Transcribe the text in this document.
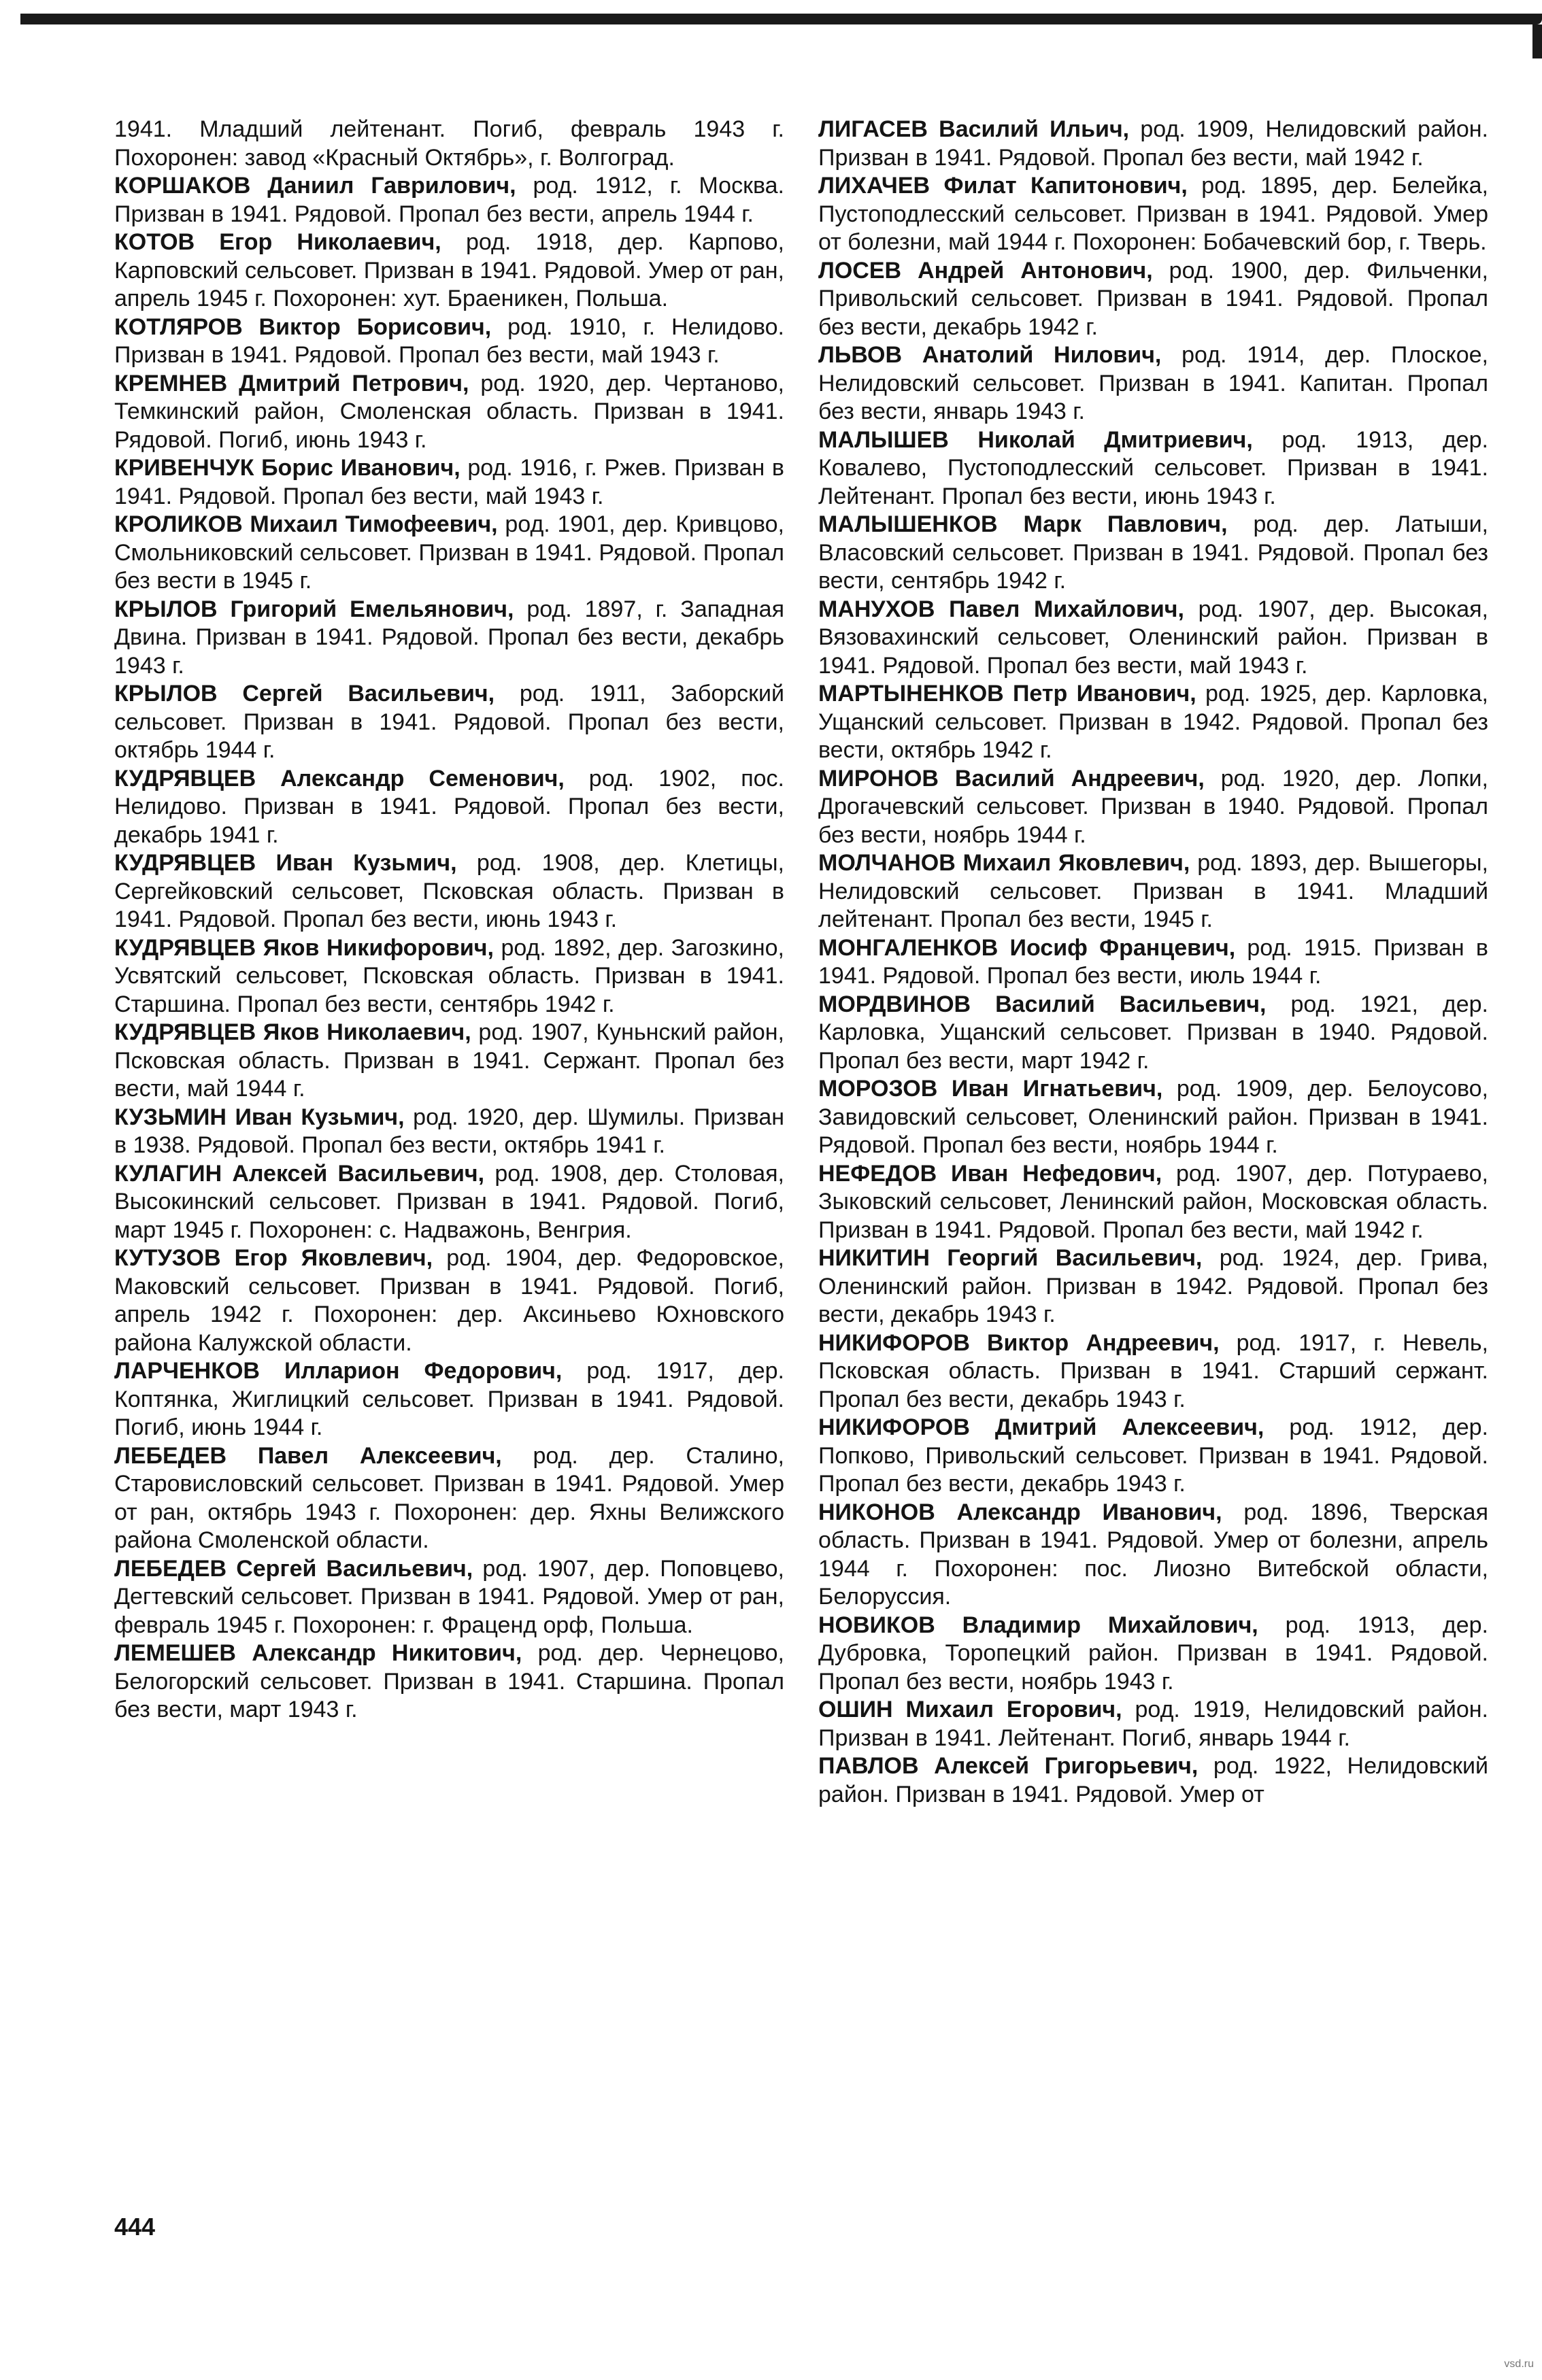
1941. Младший лейтенант. Погиб, февраль 1943 г. Похоронен: завод «Красный Октябрь», г. Волгоград.

КОРШАКОВ Даниил Гаврилович, род. 1912, г. Москва. Призван в 1941. Рядовой. Пропал без вести, апрель 1944 г.

КОТОВ Егор Николаевич, род. 1918, дер. Карпово, Карповский сельсовет. Призван в 1941. Рядовой. Умер от ран, апрель 1945 г. Похоронен: хут. Браеникен, Польша.

КОТЛЯРОВ Виктор Борисович, род. 1910, г. Нелидово. Призван в 1941. Рядовой. Пропал без вести, май 1943 г.

КРЕМНЕВ Дмитрий Петрович, род. 1920, дер. Чертаново, Темкинский район, Смоленская область. Призван в 1941. Рядовой. Погиб, июнь 1943 г.

КРИВЕНЧУК Борис Иванович, род. 1916, г. Ржев. Призван в 1941. Рядовой. Пропал без вести, май 1943 г.

КРОЛИКОВ Михаил Тимофеевич, род. 1901, дер. Кривцово, Смольниковский сельсовет. Призван в 1941. Рядовой. Пропал без вести в 1945 г.

КРЫЛОВ Григорий Емельянович, род. 1897, г. Западная Двина. Призван в 1941. Рядовой. Пропал без вести, декабрь 1943 г.

КРЫЛОВ Сергей Васильевич, род. 1911, Заборский сельсовет. Призван в 1941. Рядовой. Пропал без вести, октябрь 1944 г.

КУДРЯВЦЕВ Александр Семенович, род. 1902, пос. Нелидово. Призван в 1941. Рядовой. Пропал без вести, декабрь 1941 г.

КУДРЯВЦЕВ Иван Кузьмич, род. 1908, дер. Клетицы, Сергейковский сельсовет, Псковская область. Призван в 1941. Рядовой. Пропал без вести, июнь 1943 г.

КУДРЯВЦЕВ Яков Никифорович, род. 1892, дер. Загозкино, Усвятский сельсовет, Псковская область. Призван в 1941. Старшина. Пропал без вести, сентябрь 1942 г.

КУДРЯВЦЕВ Яков Николаевич, род. 1907, Куньнский район, Псковская область. Призван в 1941. Сержант. Пропал без вести, май 1944 г.

КУЗЬМИН Иван Кузьмич, род. 1920, дер. Шумилы. Призван в 1938. Рядовой. Пропал без вести, октябрь 1941 г.

КУЛАГИН Алексей Васильевич, род. 1908, дер. Столовая, Высокинский сельсовет. Призван в 1941. Рядовой. Погиб, март 1945 г. Похоронен: с. Надважонь, Венгрия.

КУТУЗОВ Егор Яковлевич, род. 1904, дер. Федоровское, Маковский сельсовет. Призван в 1941. Рядовой. Погиб, апрель 1942 г. Похоронен: дер. Аксиньево Юхновского района Калужской области.

ЛАРЧЕНКОВ Илларион Федорович, род. 1917, дер. Коптянка, Жиглицкий сельсовет. Призван в 1941. Рядовой. Погиб, июнь 1944 г.

ЛЕБЕДЕВ Павел Алексеевич, род. дер. Сталино, Старовисловский сельсовет. Призван в 1941. Рядовой. Умер от ран, октябрь 1943 г. Похоронен: дер. Яхны Велижского района Смоленской области.

ЛЕБЕДЕВ Сергей Васильевич, род. 1907, дер. Поповцево, Дегтевский сельсовет. Призван в 1941. Рядовой. Умер от ран, февраль 1945 г. Похоронен: г. Фраценд орф, Польша.

ЛЕМЕШЕВ Александр Никитович, род. дер. Чернецово, Белогорский сельсовет. Призван в 1941. Старшина. Пропал без вести, март 1943 г.

ЛИГАСЕВ Василий Ильич, род. 1909, Нелидовский район. Призван в 1941. Рядовой. Пропал без вести, май 1942 г.

ЛИХАЧЕВ Филат Капитонович, род. 1895, дер. Белейка, Пустоподлесский сельсовет. Призван в 1941. Рядовой. Умер от болезни, май 1944 г. Похоронен: Бобачевский бор, г. Тверь.

ЛОСЕВ Андрей Антонович, род. 1900, дер. Фильченки, Привольский сельсовет. Призван в 1941. Рядовой. Пропал без вести, декабрь 1942 г.

ЛЬВОВ Анатолий Нилович, род. 1914, дер. Плоское, Нелидовский сельсовет. Призван в 1941. Капитан. Пропал без вести, январь 1943 г.

МАЛЫШЕВ Николай Дмитриевич, род. 1913, дер. Ковалево, Пустоподлесский сельсовет. Призван в 1941. Лейтенант. Пропал без вести, июнь 1943 г.

МАЛЫШЕНКОВ Марк Павлович, род. дер. Латыши, Власовский сельсовет. Призван в 1941. Рядовой. Пропал без вести, сентябрь 1942 г.

МАНУХОВ Павел Михайлович, род. 1907, дер. Высокая, Вязовахинский сельсовет, Оленинский район. Призван в 1941. Рядовой. Пропал без вести, май 1943 г.

МАРТЫНЕНКОВ Петр Иванович, род. 1925, дер. Карловка, Ущанский сельсовет. Призван в 1942. Рядовой. Пропал без вести, октябрь 1942 г.

МИРОНОВ Василий Андреевич, род. 1920, дер. Лопки, Дрогачевский сельсовет. Призван в 1940. Рядовой. Пропал без вести, ноябрь 1944 г.

МОЛЧАНОВ Михаил Яковлевич, род. 1893, дер. Вышегоры, Нелидовский сельсовет. Призван в 1941. Младший лейтенант. Пропал без вести, 1945 г.

МОНГАЛЕНКОВ Иосиф Францевич, род. 1915. Призван в 1941. Рядовой. Пропал без вести, июль 1944 г.

МОРДВИНОВ Василий Васильевич, род. 1921, дер. Карловка, Ущанский сельсовет. Призван в 1940. Рядовой. Пропал без вести, март 1942 г.

МОРОЗОВ Иван Игнатьевич, род. 1909, дер. Белоусово, Завидовский сельсовет, Оленинский район. Призван в 1941. Рядовой. Пропал без вести, ноябрь 1944 г.

НЕФЕДОВ Иван Нефедович, род. 1907, дер. Потураево, Зыковский сельсовет, Ленинский район, Московская область. Призван в 1941. Рядовой. Пропал без вести, май 1942 г.

НИКИТИН Георгий Васильевич, род. 1924, дер. Грива, Оленинский район. Призван в 1942. Рядовой. Пропал без вести, декабрь 1943 г.

НИКИФОРОВ Виктор Андреевич, род. 1917, г. Невель, Псковская область. Призван в 1941. Старший сержант. Пропал без вести, декабрь 1943 г.

НИКИФОРОВ Дмитрий Алексеевич, род. 1912, дер. Попково, Привольский сельсовет. Призван в 1941. Рядовой. Пропал без вести, декабрь 1943 г.

НИКОНОВ Александр Иванович, род. 1896, Тверская область. Призван в 1941. Рядовой. Умер от болезни, апрель 1944 г. Похоронен: пос. Лиозно Витебской области, Белоруссия.

НОВИКОВ Владимир Михайлович, род. 1913, дер. Дубровка, Торопецкий район. Призван в 1941. Рядовой. Пропал без вести, ноябрь 1943 г.

ОШИН Михаил Егорович, род. 1919, Нелидовский район. Призван в 1941. Лейтенант. Погиб, январь 1944 г.

ПАВЛОВ Алексей Григорьевич, род. 1922, Нелидовский район. Призван в 1941. Рядовой. Умер от

444
vsd.ru
